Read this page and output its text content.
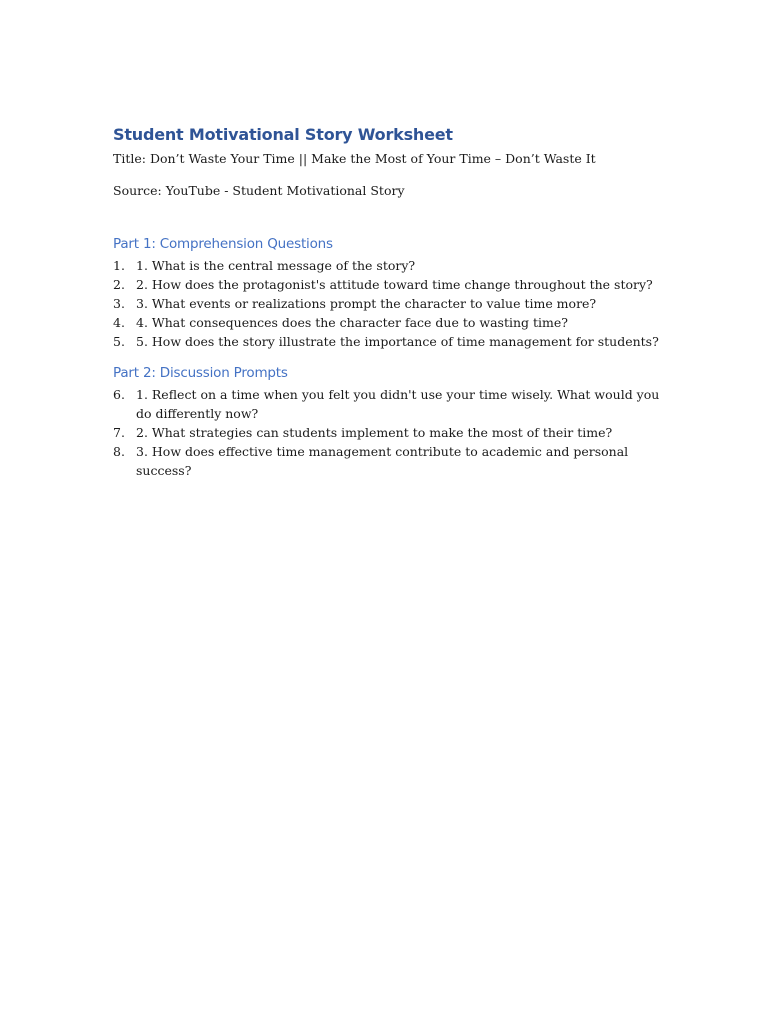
Student Motivational Story Worksheet

Title: Don’t Waste Your Time || Make the Most of Your Time – Don’t Waste It

Source: YouTube - Student Motivational Story

Part 1: Comprehension Questions
1. 1. What is the central message of the story?
2. 2. How does the protagonist's attitude toward time change throughout the story?
3. 3. What events or realizations prompt the character to value time more?
4. 4. What consequences does the character face due to wasting time?
5. 5. How does the story illustrate the importance of time management for students?
Part 2: Discussion Prompts
6. 1. Reflect on a time when you felt you didn't use your time wisely. What would you do differently now?
7. 2. What strategies can students implement to make the most of their time?
8. 3. How does effective time management contribute to academic and personal success?
